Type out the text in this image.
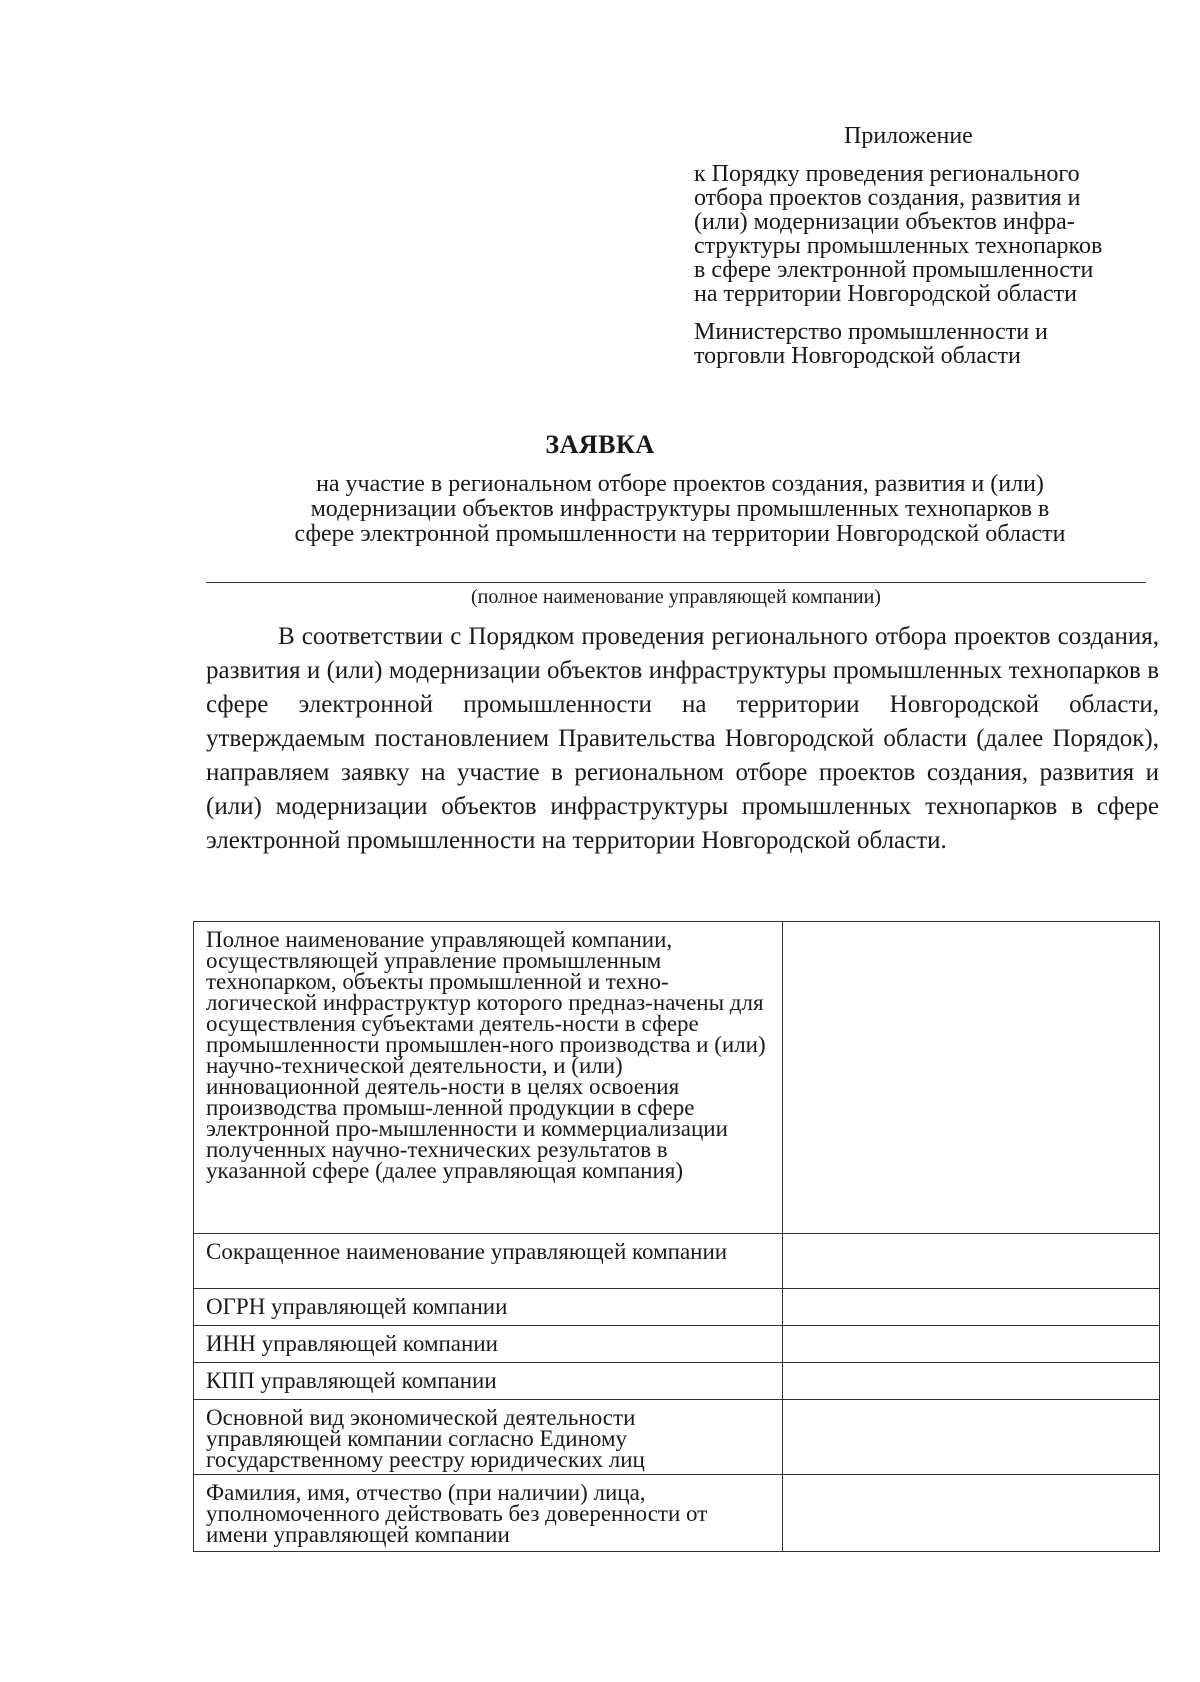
Приложение
к Порядку проведения регионального
отбора проектов создания, развития и
(или) модернизации объектов инфра-
структуры промышленных технопарков
в сфере электронной промышленности
на территории Новгородской области
Министерство промышленности и
торговли Новгородской области
ЗАЯВКА
на участие в региональном отборе проектов создания, развития и (или)
модернизации объектов инфраструктуры промышленных технопарков в
сфере электронной промышленности на территории Новгородской области
(полное наименование управляющей компании)
В соответствии с Порядком проведения регионального отбора проектов создания, развития и (или) модернизации объектов инфраструктуры промышленных технопарков в сфере электронной промышленности на территории Новгородской области, утверждаемым постановлением Правительства Новгородской области (далее Порядок), направляем заявку на участие в региональном отборе проектов создания, развития и (или) модернизации объектов инфраструктуры промышленных технопарков в сфере электронной промышленности на территории Новгородской области.
Полное наименование управляющей компании, осуществляющей управление промышленным технопарком, объекты промышленной и техно-логической инфраструктур которого предназ-начены для осуществления субъектами деятель-ности в сфере промышленности промышлен-ного производства и (или) научно-технической деятельности, и (или) инновационной деятель-ности в целях освоения производства промыш-ленной продукции в сфере электронной про-мышленности и коммерциализации полученных научно-технических результатов в указанной сфере (далее управляющая компания)	
Сокращенное наименование управляющей компании	
ОГРН управляющей компании	
ИНН управляющей компании	
КПП управляющей компании	
Основной вид экономической деятельности управляющей компании согласно Единому государственному реестру юридических лиц	
Фамилия, имя, отчество (при наличии) лица, уполномоченного действовать без доверенности от имени управляющей компании	
